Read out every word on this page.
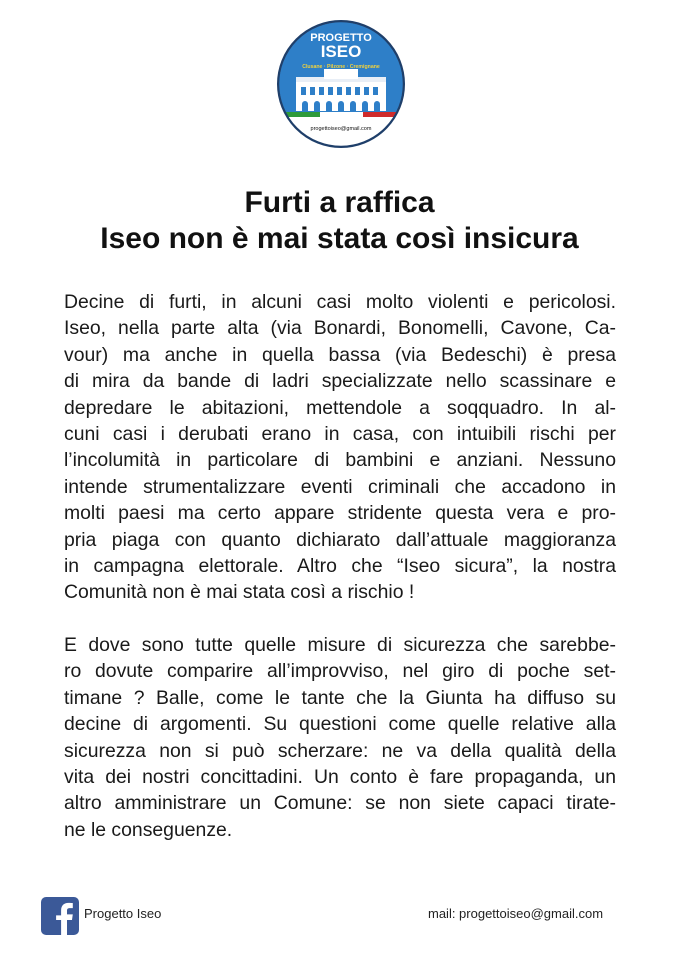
PROGETTO
ISEO
Clusane · Pilzone · Cremignane
progettoiseo@gmail.com
Furti a raffica
Iseo non è mai stata così insicura
Decine di furti, in alcuni casi molto violenti e pericolosi.
Iseo, nella parte alta (via Bonardi, Bonomelli, Cavone, Ca-
vour) ma anche in quella bassa (via Bedeschi) è presa
di mira da bande di ladri specializzate nello scassinare e
depredare le abitazioni, mettendole a soqquadro. In al-
cuni casi i derubati erano in casa, con intuibili rischi per
l’incolumità in particolare di bambini e anziani. Nessuno
intende strumentalizzare eventi criminali che accadono in
molti paesi ma certo appare stridente questa vera e pro-
pria piaga con quanto dichiarato dall’attuale maggioranza
in campagna elettorale. Altro che “Iseo sicura”, la nostra
Comunità non è mai stata così a rischio !
E dove sono tutte quelle misure di sicurezza che sarebbe-
ro dovute comparire all’improvviso, nel giro di poche set-
timane ? Balle, come le tante che la Giunta ha diffuso su
decine di argomenti. Su questioni come quelle relative alla
sicurezza non si può scherzare: ne va della qualità della
vita dei nostri concittadini. Un conto è fare propaganda, un
altro amministrare un Comune: se non siete capaci tirate-
ne le conseguenze.
Progetto Iseo	mail: progettoiseo@gmail.com
